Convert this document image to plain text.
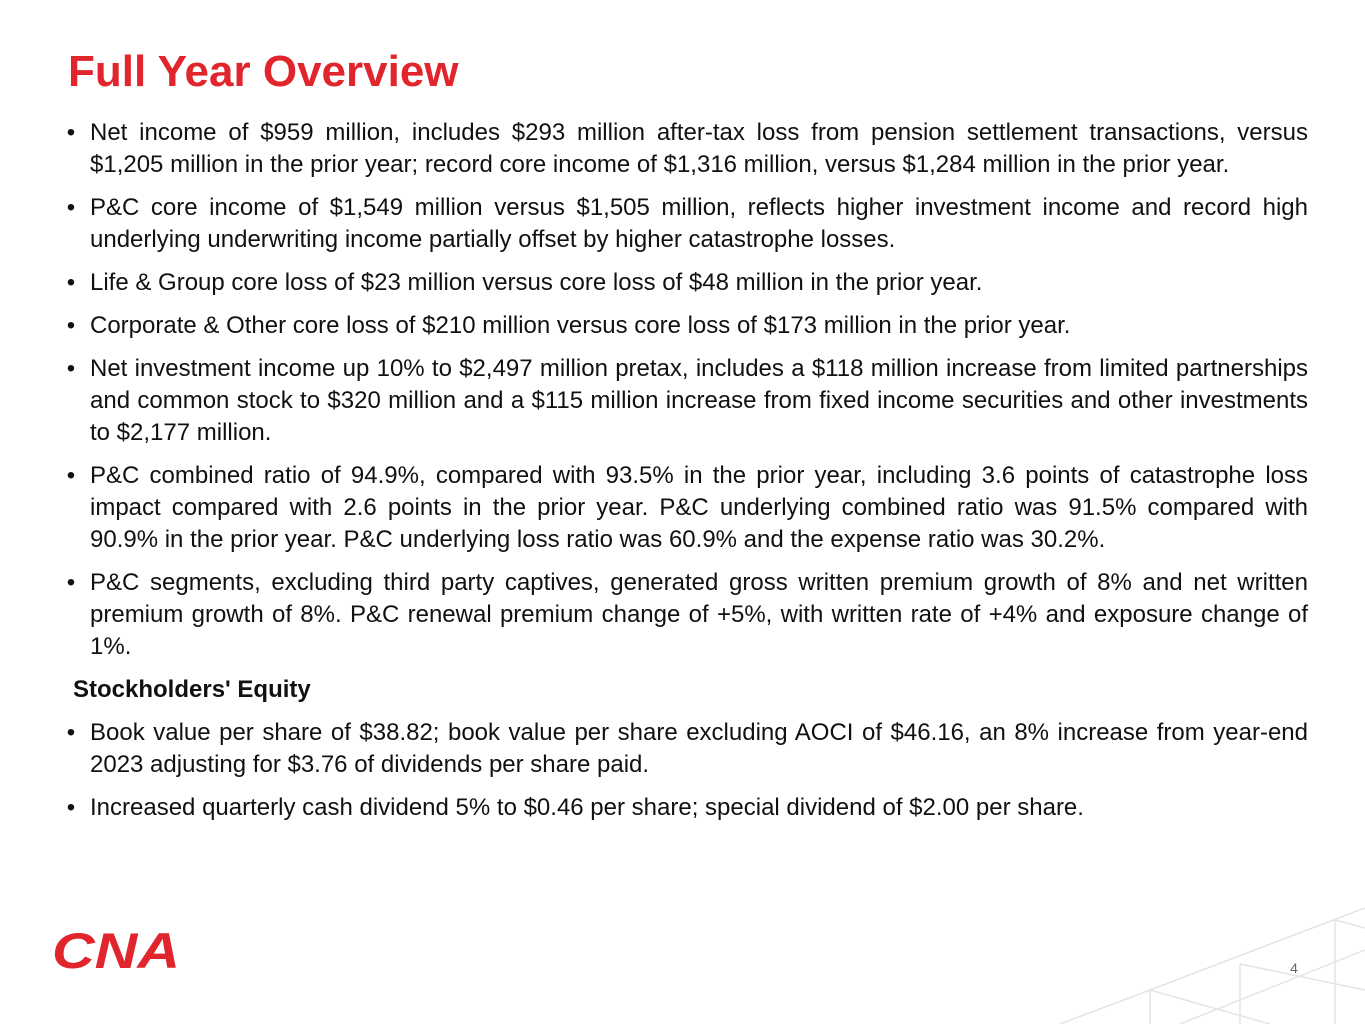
Full Year Overview
• Net income of $959 million, includes $293 million after-tax loss from pension settlement transactions, versus $1,205 million in the prior year; record core income of $1,316 million, versus $1,284 million in the prior year.
• P&C core income of $1,549 million versus $1,505 million, reflects higher investment income and record high underlying underwriting income partially offset by higher catastrophe losses.
• Life & Group core loss of $23 million versus core loss of $48 million in the prior year.
• Corporate & Other core loss of $210 million versus core loss of $173 million in the prior year.
• Net investment income up 10% to $2,497 million pretax, includes a $118 million increase from limited partnerships and common stock to $320 million and a $115 million increase from fixed income securities and other investments to $2,177 million.
• P&C combined ratio of 94.9%, compared with 93.5% in the prior year, including 3.6 points of catastrophe loss impact compared with 2.6 points in the prior year. P&C underlying combined ratio was 91.5% compared with 90.9% in the prior year. P&C underlying loss ratio was 60.9% and the expense ratio was 30.2%.
• P&C segments, excluding third party captives, generated gross written premium growth of 8% and net written premium growth of 8%. P&C renewal premium change of +5%, with written rate of +4% and exposure change of 1%.
Stockholders' Equity
• Book value per share of $38.82; book value per share excluding AOCI of $46.16, an 8% increase from year-end 2023 adjusting for $3.76 of dividends per share paid.
• Increased quarterly cash dividend 5% to $0.46 per share; special dividend of $2.00 per share.
CNA	4
